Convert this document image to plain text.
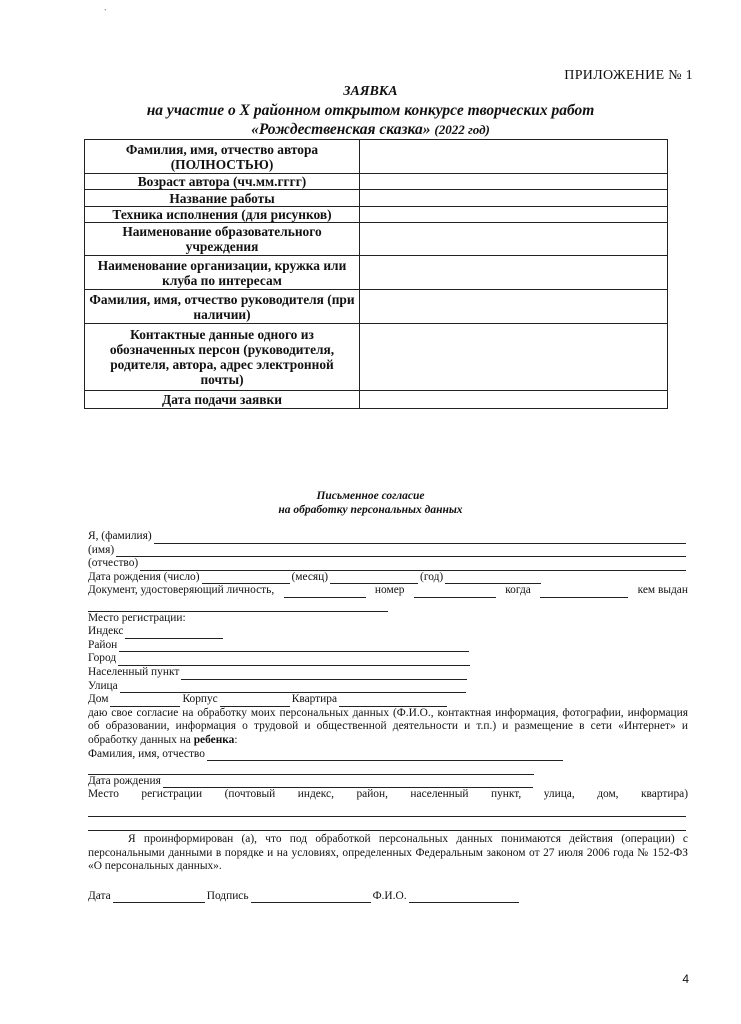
`
ПРИЛОЖЕНИЕ № 1
ЗАЯВКА
на участие о X районном открытом конкурсе творческих работ
«Рождественская сказка» (2022 год)
Фамилия, имя, отчество автора (ПОЛНОСТЬЮ)	
Возраст автора (чч.мм.гггг)	
Название работы	
Техника исполнения (для рисунков)	
Наименование образовательного учреждения	
Наименование организации, кружка или клуба по интересам	
Фамилия, имя, отчество руководителя (при наличии)	
Контактные данные одного из обозначенных персон (руководителя, родителя, автора, адрес электронной почты)	
Дата подачи заявки	
Письменное согласие
на обработку персональных данных
Я, (фамилия)
(имя)
(отчество)
Дата рождения (число)	(месяц)	(год)
Документ, удостоверяющий личность,	номер	когда	кем выдан
Место регистрации:
Индекс
Район
Город
Населенный пункт
Улица
Дом	Корпус	Квартира
даю свое согласие на обработку моих персональных данных (Ф.И.О., контактная информация, фотографии, информация об образовании, информация о трудовой и общественной деятельности и т.п.) и размещение в сети «Интернет» и обработку данных на ребенка:
Фамилия, имя, отчество
Дата рождения
Место регистрации (почтовый индекс, район, населенный пункт, улица, дом, квартира)
Я проинформирован (а), что под обработкой персональных данных понимаются действия (операции) с персональными данными в порядке и на условиях, определенных Федеральным законом от 27 июля 2006 года № 152-ФЗ «О персональных данных».
Дата	Подпись	Ф.И.О.
4
